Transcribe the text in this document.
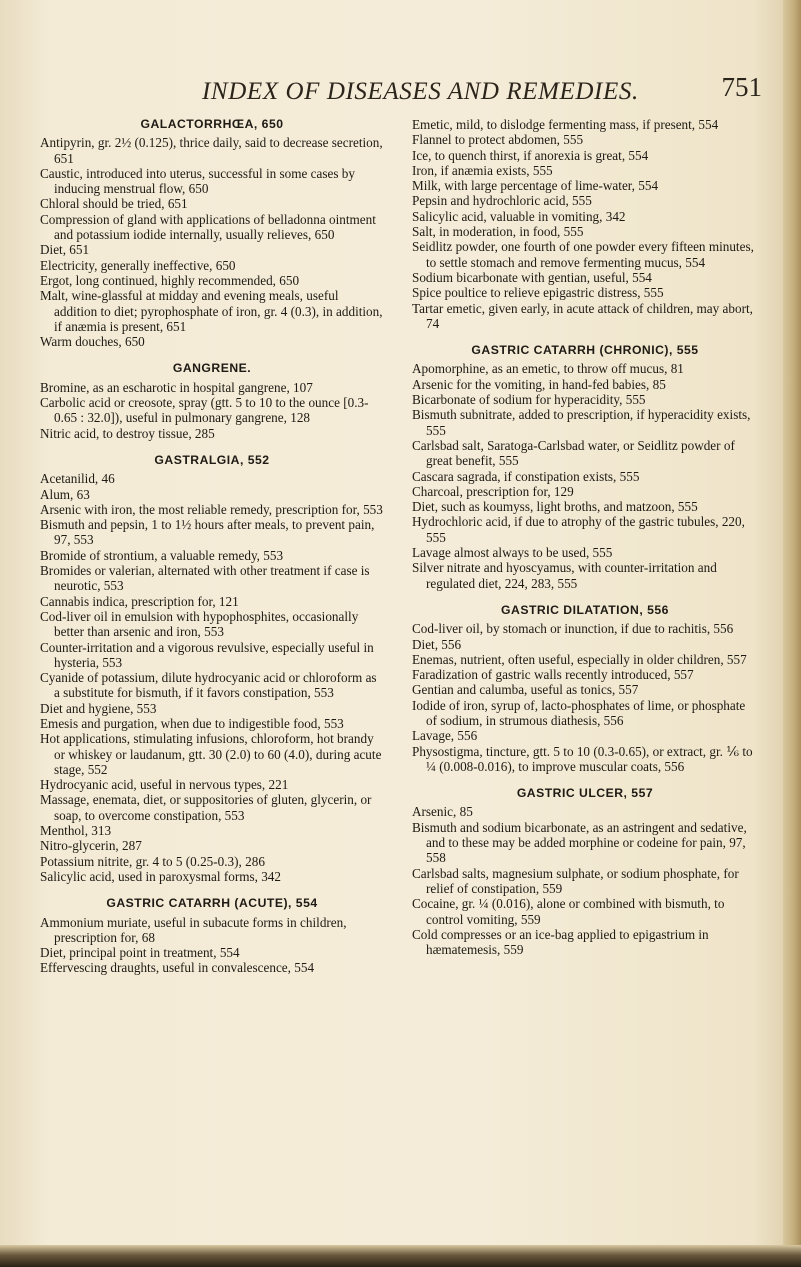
INDEX OF DISEASES AND REMEDIES.	751
GALACTORRHŒA, 650

Antipyrin, gr. 2½ (0.125), thrice daily, said to decrease secretion, 651

Caustic, introduced into uterus, successful in some cases by inducing menstrual flow, 650

Chloral should be tried, 651

Compression of gland with applications of belladonna ointment and potassium iodide internally, usually relieves, 650

Diet, 651

Electricity, generally ineffective, 650

Ergot, long continued, highly recommended, 650

Malt, wine-glassful at midday and evening meals, useful addition to diet; pyrophosphate of iron, gr. 4 (0.3), in addition, if anæmia is present, 651

Warm douches, 650

GANGRENE.

Bromine, as an escharotic in hospital gangrene, 107

Carbolic acid or creosote, spray (gtt. 5 to 10 to the ounce [0.3-0.65 : 32.0]), useful in pulmonary gangrene, 128

Nitric acid, to destroy tissue, 285

GASTRALGIA, 552

Acetanilid, 46

Alum, 63

Arsenic with iron, the most reliable remedy, prescription for, 553

Bismuth and pepsin, 1 to 1½ hours after meals, to prevent pain, 97, 553

Bromide of strontium, a valuable remedy, 553

Bromides or valerian, alternated with other treatment if case is neurotic, 553

Cannabis indica, prescription for, 121

Cod-liver oil in emulsion with hypophosphites, occasionally better than arsenic and iron, 553

Counter-irritation and a vigorous revulsive, especially useful in hysteria, 553

Cyanide of potassium, dilute hydrocyanic acid or chloroform as a substitute for bismuth, if it favors constipation, 553

Diet and hygiene, 553

Emesis and purgation, when due to indigestible food, 553

Hot applications, stimulating infusions, chloroform, hot brandy or whiskey or laudanum, gtt. 30 (2.0) to 60 (4.0), during acute stage, 552

Hydrocyanic acid, useful in nervous types, 221

Massage, enemata, diet, or suppositories of gluten, glycerin, or soap, to overcome constipation, 553

Menthol, 313

Nitro-glycerin, 287

Potassium nitrite, gr. 4 to 5 (0.25-0.3), 286

Salicylic acid, used in paroxysmal forms, 342

GASTRIC CATARRH (ACUTE), 554

Ammonium muriate, useful in subacute forms in children, prescription for, 68

Diet, principal point in treatment, 554

Effervescing draughts, useful in convalescence, 554

Emetic, mild, to dislodge fermenting mass, if present, 554

Flannel to protect abdomen, 555

Ice, to quench thirst, if anorexia is great, 554

Iron, if anæmia exists, 555

Milk, with large percentage of lime-water, 554

Pepsin and hydrochloric acid, 555

Salicylic acid, valuable in vomiting, 342

Salt, in moderation, in food, 555

Seidlitz powder, one fourth of one powder every fifteen minutes, to settle stomach and remove fermenting mucus, 554

Sodium bicarbonate with gentian, useful, 554

Spice poultice to relieve epigastric distress, 555

Tartar emetic, given early, in acute attack of children, may abort, 74

GASTRIC CATARRH (CHRONIC), 555

Apomorphine, as an emetic, to throw off mucus, 81

Arsenic for the vomiting, in hand-fed babies, 85

Bicarbonate of sodium for hyperacidity, 555

Bismuth subnitrate, added to prescription, if hyperacidity exists, 555

Carlsbad salt, Saratoga-Carlsbad water, or Seidlitz powder of great benefit, 555

Cascara sagrada, if constipation exists, 555

Charcoal, prescription for, 129

Diet, such as koumyss, light broths, and matzoon, 555

Hydrochloric acid, if due to atrophy of the gastric tubules, 220, 555

Lavage almost always to be used, 555

Silver nitrate and hyoscyamus, with counter-irritation and regulated diet, 224, 283, 555

GASTRIC DILATATION, 556

Cod-liver oil, by stomach or inunction, if due to rachitis, 556

Diet, 556

Enemas, nutrient, often useful, especially in older children, 557

Faradization of gastric walls recently introduced, 557

Gentian and calumba, useful as tonics, 557

Iodide of iron, syrup of, lacto-phosphates of lime, or phosphate of sodium, in strumous diathesis, 556

Lavage, 556

Physostigma, tincture, gtt. 5 to 10 (0.3-0.65), or extract, gr. ⅙ to ¼ (0.008-0.016), to improve muscular coats, 556

GASTRIC ULCER, 557

Arsenic, 85

Bismuth and sodium bicarbonate, as an astringent and sedative, and to these may be added morphine or codeine for pain, 97, 558

Carlsbad salts, magnesium sulphate, or sodium phosphate, for relief of constipation, 559

Cocaine, gr. ¼ (0.016), alone or combined with bismuth, to control vomiting, 559

Cold compresses or an ice-bag applied to epigastrium in hæmatemesis, 559
